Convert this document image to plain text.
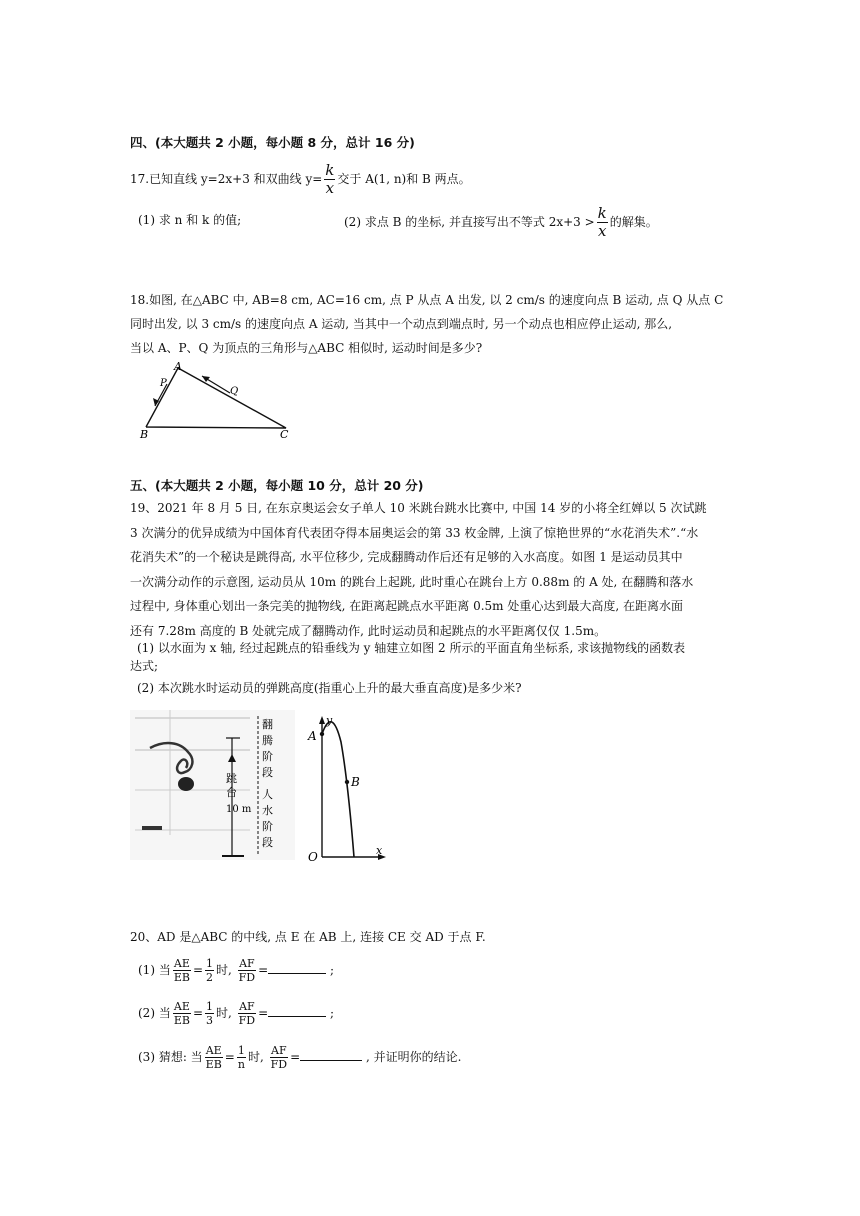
四、(本大题共 2 小题，每小题 8 分，总计 16 分)
17.已知直线 y=2x+3 和双曲线 $y= \frac{k}{x}$ 交于 A(1, n)和 B 两点。
(1) 求 n 和 k 的值;	(2) 求点 B 的坐标, 并直接写出不等式 $2x+3 > \frac{k}{x}$ 的解集。
18.如图, 在△ABC 中, AB=8 cm, AC=16 cm, 点 P 从点 A 出发, 以 2 cm/s 的速度向点 B 运动, 点 Q 从点 C
同时出发, 以 3 cm/s 的速度向点 A 运动, 当其中一个动点到端点时, 另一个动点也相应停止运动, 那么,
当以 A、P、Q 为顶点的三角形与△ABC 相似时, 运动时间是多少?
A
B	C
P
Q
五、(本大题共 2 小题，每小题 10 分，总计 20 分)
19、2021 年 8 月 5 日, 在东京奥运会女子单人 10 米跳台跳水比赛中, 中国 14 岁的小将全红婵以 5 次试跳
3 次满分的优异成绩为中国体育代表团夺得本届奥运会的第 33 枚金牌, 上演了惊艳世界的“水花消失术”.“水
花消失术”的一个秘诀是跳得高, 水平位移少, 完成翻腾动作后还有足够的入水高度。如图 1 是运动员其中
一次满分动作的示意图, 运动员从 10m 的跳台上起跳, 此时重心在跳台上方 0.88m 的 A 处, 在翻腾和落水
过程中, 身体重心划出一条完美的抛物线, 在距离起跳点水平距离 0.5m 处重心达到最大高度, 在距离水面
还有 7.28m 高度的 B 处就完成了翻腾动作, 此时运动员和起跳点的水平距离仅仅 1.5m。
(1) 以水面为 x 轴, 经过起跳点的铅垂线为 y 轴建立如图 2 所示的平面直角坐标系, 求该抛物线的函数表
达式;
(2) 本次跳水时运动员的弹跳高度(指重心上升的最大垂直高度)是多少米?
跳
台
10 m
翻
腾
阶
段
人
水
阶
段
A
B
O	x
y
20、AD 是△ABC 的中线, 点 E 在 AB 上, 连接 CE 交 AD 于点 F.
(1) 当 $\frac{AE}{EB} = \frac{1}{2}$ 时, $\frac{AF}{FD}$ =	;
(2) 当 $\frac{AE}{EB} = \frac{1}{3}$ 时, $\frac{AF}{FD}$ =	;
(3) 猜想: 当 $\frac{AE}{EB} = \frac{1}{n}$ 时, $\frac{AF}{FD}$ =	, 并证明你的结论.
